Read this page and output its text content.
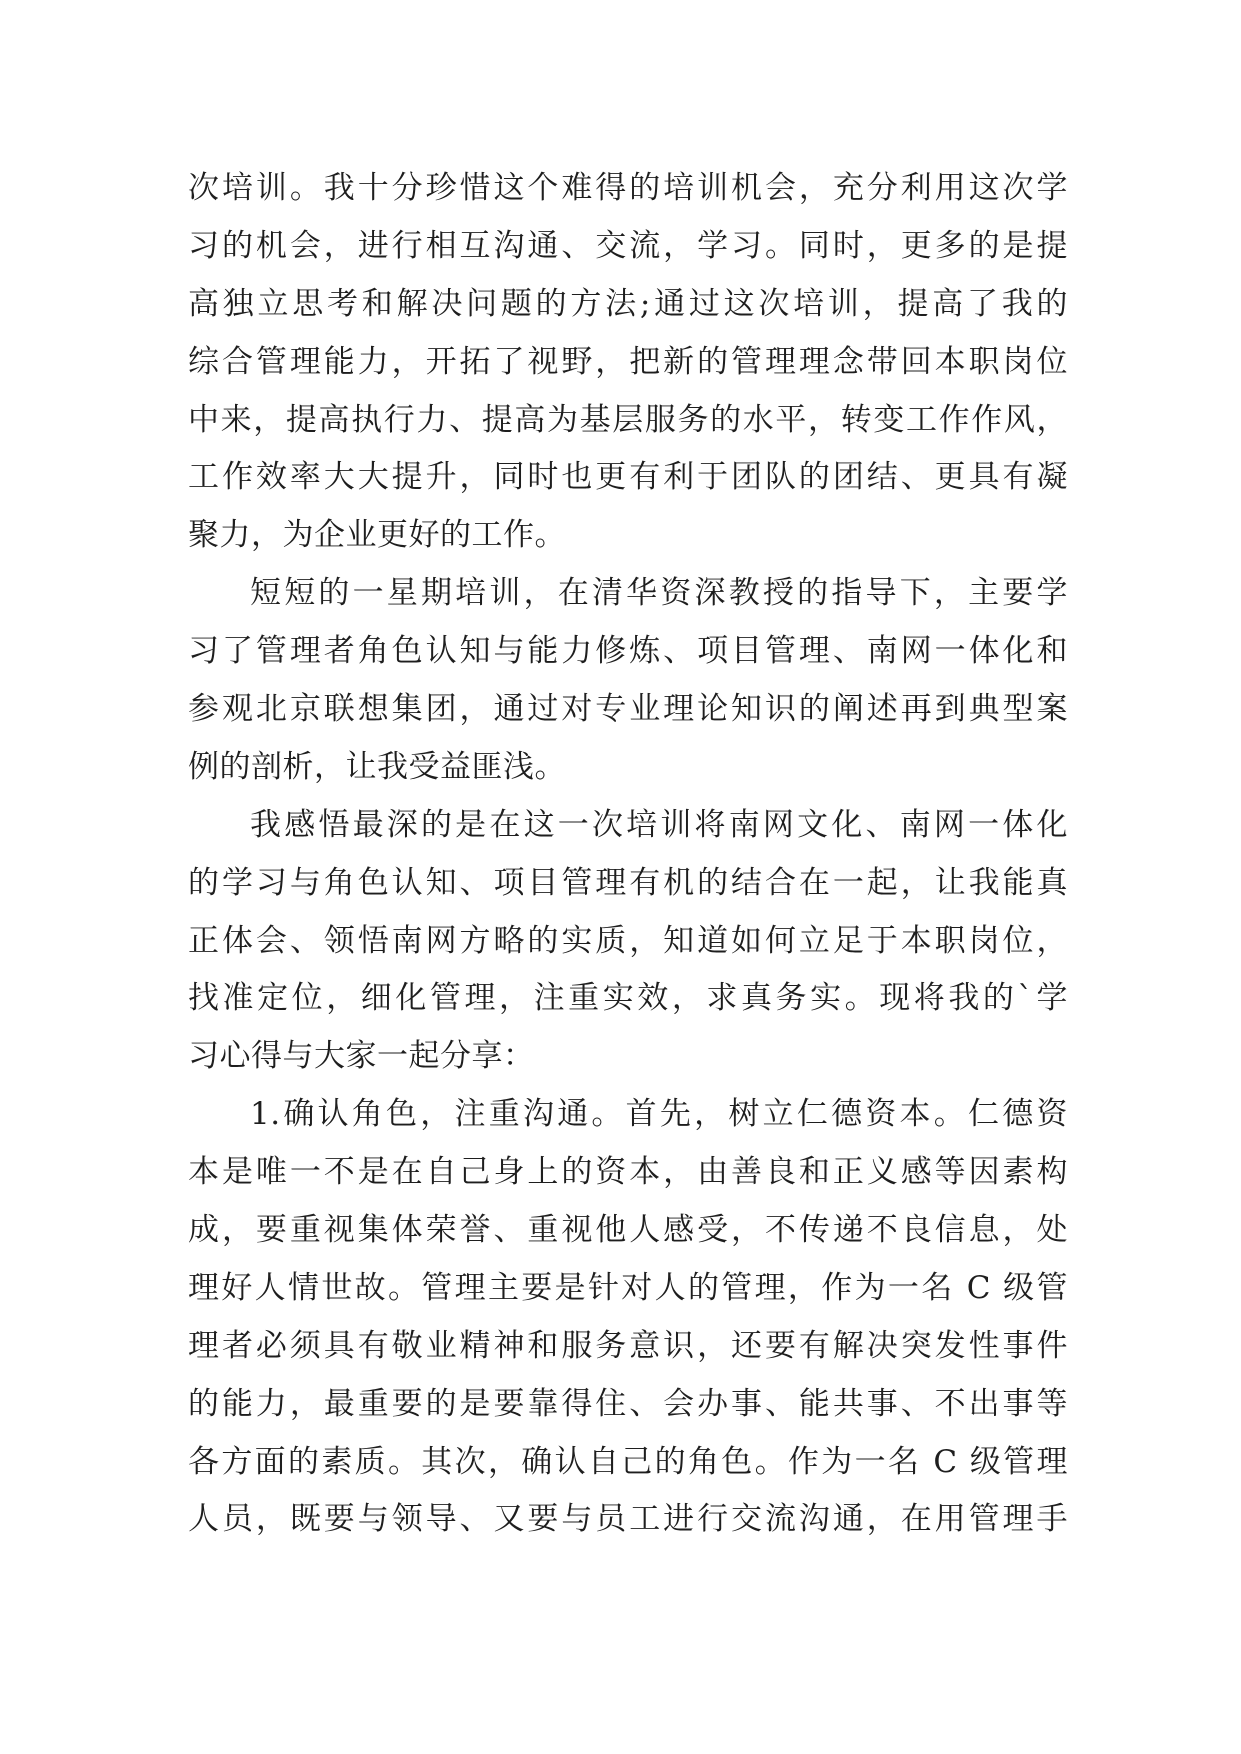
次培训。我十分珍惜这个难得的培训机会，充分利用这次学
习的机会，进行相互沟通、交流，学习。同时，更多的是提
高独立思考和解决问题的方法;通过这次培训，提高了我的
综合管理能力，开拓了视野，把新的管理理念带回本职岗位
中来，提高执行力、提高为基层服务的水平，转变工作作风，
工作效率大大提升，同时也更有利于团队的团结、更具有凝
聚力，为企业更好的工作。
短短的一星期培训，在清华资深教授的指导下，主要学
习了管理者角色认知与能力修炼、项目管理、南网一体化和
参观北京联想集团，通过对专业理论知识的阐述再到典型案
例的剖析，让我受益匪浅。
我感悟最深的是在这一次培训将南网文化、南网一体化
的学习与角色认知、项目管理有机的结合在一起，让我能真
正体会、领悟南网方略的实质，知道如何立足于本职岗位，
找准定位，细化管理，注重实效，求真务实。现将我的`学
习心得与大家一起分享：
1.确认角色，注重沟通。首先，树立仁德资本。仁德资
本是唯一不是在自己身上的资本，由善良和正义感等因素构
成，要重视集体荣誉、重视他人感受，不传递不良信息，处
理好人情世故。管理主要是针对人的管理，作为一名 C 级管
理者必须具有敬业精神和服务意识，还要有解决突发性事件
的能力，最重要的是要靠得住、会办事、能共事、不出事等
各方面的素质。其次，确认自己的角色。作为一名 C 级管理
人员，既要与领导、又要与员工进行交流沟通，在用管理手
